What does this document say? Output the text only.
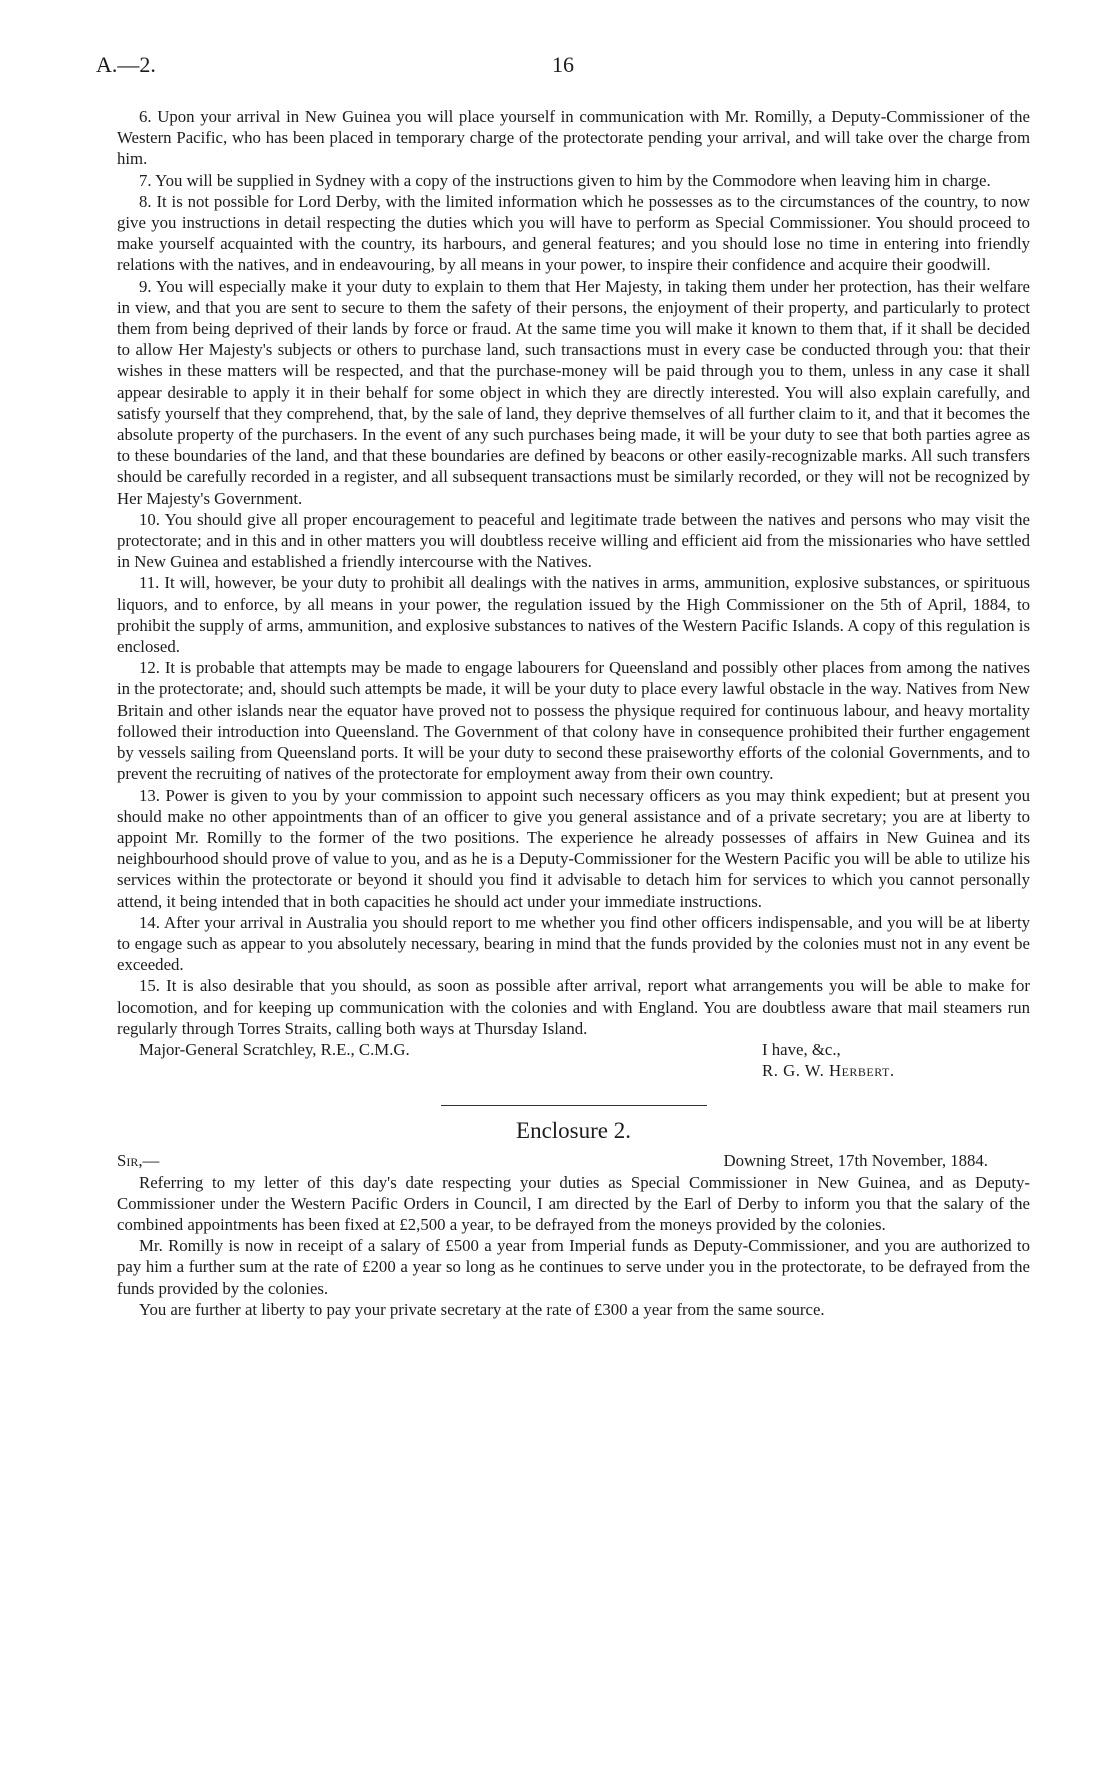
A.—2.	16

6. Upon your arrival in New Guinea you will place yourself in communication with Mr. Romilly, a Deputy-Commissioner of the Western Pacific, who has been placed in temporary charge of the protectorate pending your arrival, and will take over the charge from him.

7. You will be supplied in Sydney with a copy of the instructions given to him by the Commodore when leaving him in charge.

8. It is not possible for Lord Derby, with the limited information which he possesses as to the circumstances of the country, to now give you instructions in detail respecting the duties which you will have to perform as Special Commissioner. You should proceed to make yourself acquainted with the country, its harbours, and general features; and you should lose no time in entering into friendly relations with the natives, and in endeavouring, by all means in your power, to inspire their confidence and acquire their goodwill.

9. You will especially make it your duty to explain to them that Her Majesty, in taking them under her protection, has their welfare in view, and that you are sent to secure to them the safety of their persons, the enjoyment of their property, and particularly to protect them from being deprived of their lands by force or fraud. At the same time you will make it known to them that, if it shall be decided to allow Her Majesty's subjects or others to purchase land, such transactions must in every case be conducted through you: that their wishes in these matters will be respected, and that the purchase-money will be paid through you to them, unless in any case it shall appear desirable to apply it in their behalf for some object in which they are directly interested. You will also explain carefully, and satisfy yourself that they comprehend, that, by the sale of land, they deprive themselves of all further claim to it, and that it becomes the absolute property of the purchasers. In the event of any such purchases being made, it will be your duty to see that both parties agree as to these boundaries of the land, and that these boundaries are defined by beacons or other easily-recognizable marks. All such transfers should be carefully recorded in a register, and all subsequent transactions must be similarly recorded, or they will not be recognized by Her Majesty's Government.

10. You should give all proper encouragement to peaceful and legitimate trade between the natives and persons who may visit the protectorate; and in this and in other matters you will doubtless receive willing and efficient aid from the missionaries who have settled in New Guinea and established a friendly intercourse with the Natives.

11. It will, however, be your duty to prohibit all dealings with the natives in arms, ammunition, explosive substances, or spirituous liquors, and to enforce, by all means in your power, the regulation issued by the High Commissioner on the 5th of April, 1884, to prohibit the supply of arms, ammunition, and explosive substances to natives of the Western Pacific Islands. A copy of this regulation is enclosed.

12. It is probable that attempts may be made to engage labourers for Queensland and possibly other places from among the natives in the protectorate; and, should such attempts be made, it will be your duty to place every lawful obstacle in the way. Natives from New Britain and other islands near the equator have proved not to possess the physique required for continuous labour, and heavy mortality followed their introduction into Queensland. The Government of that colony have in consequence prohibited their further engagement by vessels sailing from Queensland ports. It will be your duty to second these praiseworthy efforts of the colonial Governments, and to prevent the recruiting of natives of the protectorate for employment away from their own country.

13. Power is given to you by your commission to appoint such necessary officers as you may think expedient; but at present you should make no other appointments than of an officer to give you general assistance and of a private secretary; you are at liberty to appoint Mr. Romilly to the former of the two positions. The experience he already possesses of affairs in New Guinea and its neighbourhood should prove of value to you, and as he is a Deputy-Commissioner for the Western Pacific you will be able to utilize his services within the protectorate or beyond it should you find it advisable to detach him for services to which you cannot personally attend, it being intended that in both capacities he should act under your immediate instructions.

14. After your arrival in Australia you should report to me whether you find other officers indispensable, and you will be at liberty to engage such as appear to you absolutely necessary, bearing in mind that the funds provided by the colonies must not in any event be exceeded.

15. It is also desirable that you should, as soon as possible after arrival, report what arrangements you will be able to make for locomotion, and for keeping up communication with the colonies and with England. You are doubtless aware that mail steamers run regularly through Torres Straits, calling both ways at Thursday Island.

Major-General Scratchley, R.E., C.M.G.	I have, &c.,
R. G. W. Herbert.

Enclosure 2.

Sir,—	Downing Street, 17th November, 1884.

Referring to my letter of this day's date respecting your duties as Special Commissioner in New Guinea, and as Deputy-Commissioner under the Western Pacific Orders in Council, I am directed by the Earl of Derby to inform you that the salary of the combined appointments has been fixed at £2,500 a year, to be defrayed from the moneys provided by the colonies.

Mr. Romilly is now in receipt of a salary of £500 a year from Imperial funds as Deputy-Commissioner, and you are authorized to pay him a further sum at the rate of £200 a year so long as he continues to serve under you in the protectorate, to be defrayed from the funds provided by the colonies.

You are further at liberty to pay your private secretary at the rate of £300 a year from the same source.
